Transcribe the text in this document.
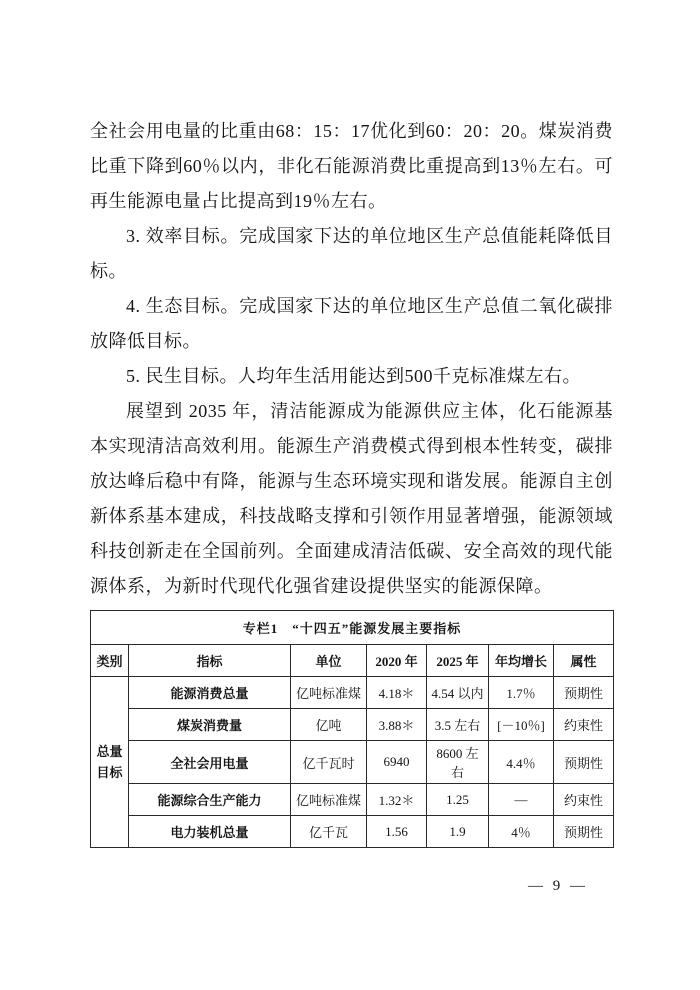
全社会用电量的比重由68：15：17优化到60：20：20。煤炭消费比重下降到60％以内，非化石能源消费比重提高到13％左右。可再生能源电量占比提高到19％左右。

3. 效率目标。完成国家下达的单位地区生产总值能耗降低目标。

4. 生态目标。完成国家下达的单位地区生产总值二氧化碳排放降低目标。

5. 民生目标。人均年生活用能达到500千克标准煤左右。

展望到 2035 年，清洁能源成为能源供应主体，化石能源基本实现清洁高效利用。能源生产消费模式得到根本性转变，碳排放达峰后稳中有降，能源与生态环境实现和谐发展。能源自主创新体系基本建成，科技战略支撑和引领作用显著增强，能源领域科技创新走在全国前列。全面建成清洁低碳、安全高效的现代能源体系，为新时代现代化强省建设提供坚实的能源保障。

专栏1　“十四五”能源发展主要指标						
类别	指标	单位	2020 年	2025 年	年均增长	属性
总量目标	能源消费总量	亿吨标准煤	4.18＊	4.54 以内	1.7％	预期性
	煤炭消费量	亿吨	3.88＊	3.5 左右	[－10％]	约束性
	全社会用电量	亿千瓦时	6940	8600 左右	4.4％	预期性
	能源综合生产能力	亿吨标准煤	1.32＊	1.25	—	约束性
	电力装机总量	亿千瓦	1.56	1.9	4％	预期性
— 9 —
